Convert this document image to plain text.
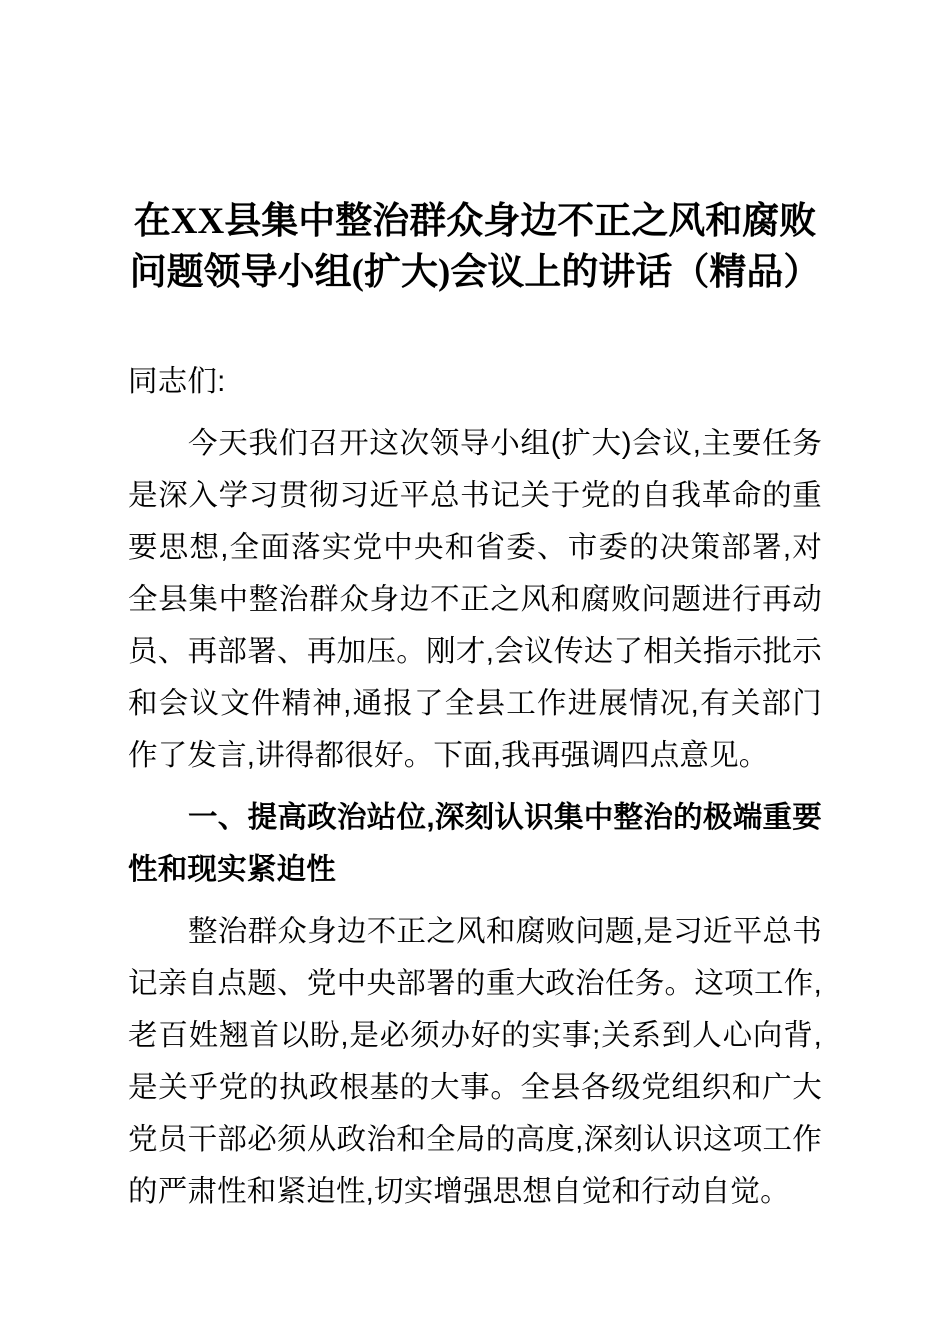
在XX县集中整治群众身边不正之风和腐败问题领导小组(扩大)会议上的讲话（精品）

同志们:

今天我们召开这次领导小组(扩大)会议,主要任务是深入学习贯彻习近平总书记关于党的自我革命的重要思想,全面落实党中央和省委、市委的决策部署,对全县集中整治群众身边不正之风和腐败问题进行再动员、再部署、再加压。刚才,会议传达了相关指示批示和会议文件精神,通报了全县工作进展情况,有关部门作了发言,讲得都很好。下面,我再强调四点意见。

一、提高政治站位,深刻认识集中整治的极端重要性和现实紧迫性

整治群众身边不正之风和腐败问题,是习近平总书记亲自点题、党中央部署的重大政治任务。这项工作,老百姓翘首以盼,是必须办好的实事;关系到人心向背,是关乎党的执政根基的大事。全县各级党组织和广大党员干部必须从政治和全局的高度,深刻认识这项工作的严肃性和紧迫性,切实增强思想自觉和行动自觉。
